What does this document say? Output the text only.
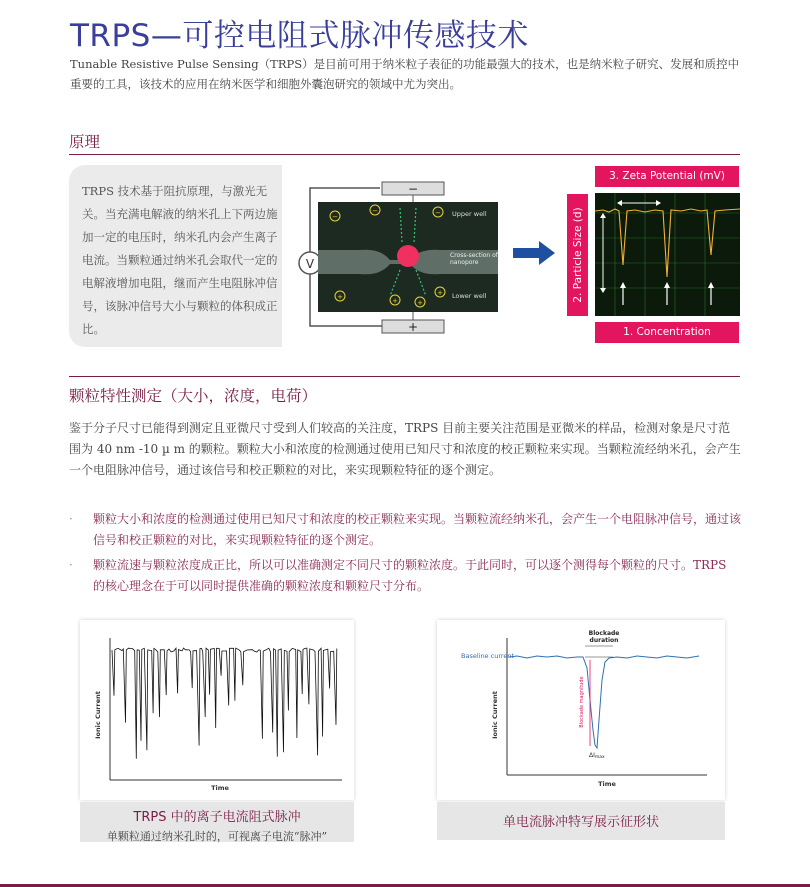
TRPS—可控电阻式脉冲传感技术
Tunable Resistive Pulse Sensing（TRPS）是目前可用于纳米粒子表征的功能最强大的技术，也是纳米粒子研究、发展和质控中重要的工具，该技术的应用在纳米医学和细胞外囊泡研究的领域中尤为突出。
原理
TRPS 技术基于阻抗原理，与激光无关。当充满电解液的纳米孔上下两边施加一定的电压时，纳米孔内会产生离子电流。当颗粒通过纳米孔会取代一定的电解液增加电阻，继而产生电阻脉冲信号，该脉冲信号大小与颗粒的体积成正比。
V
−
+
Upper well
Lower well
Cross-section of nanopore
−
−	−
+	+	+
+
3. Zeta Potential (mV)
2. Particle Size (d)
1. Concentration (Frequency)
颗粒特性测定（大小，浓度，电荷）
鉴于分子尺寸已能得到测定且亚微尺寸受到人们较高的关注度，TRPS 目前主要关注范围是亚微米的样品，检测对象是尺寸范围为 40 nm -10 µ m 的颗粒。颗粒大小和浓度的检测通过使用已知尺寸和浓度的校正颗粒来实现。当颗粒流经纳米孔，会产生一个电阻脉冲信号，通过该信号和校正颗粒的对比，来实现颗粒特征的逐个测定。
· 颗粒大小和浓度的检测通过使用已知尺寸和浓度的校正颗粒来实现。当颗粒流经纳米孔，会产生一个电阻脉冲信号，通过该信号和校正颗粒的对比，来实现颗粒特征的逐个测定。
· 颗粒流速与颗粒浓度成正比，所以可以准确测定不同尺寸的颗粒浓度。于此同时，可以逐个测得每个颗粒的尺寸。TRPS 的核心理念在于可以同时提供准确的颗粒浓度和颗粒尺寸分布。
Ionic Current
Time
TRPS 中的离子电流阻式脉冲
单颗粒通过纳米孔时的，可视离子电流“脉冲”
Blockade duration
Baseline current
Blockade magnitude
ΔImax
Ionic Current
Time
单电流脉冲特写展示征形状
